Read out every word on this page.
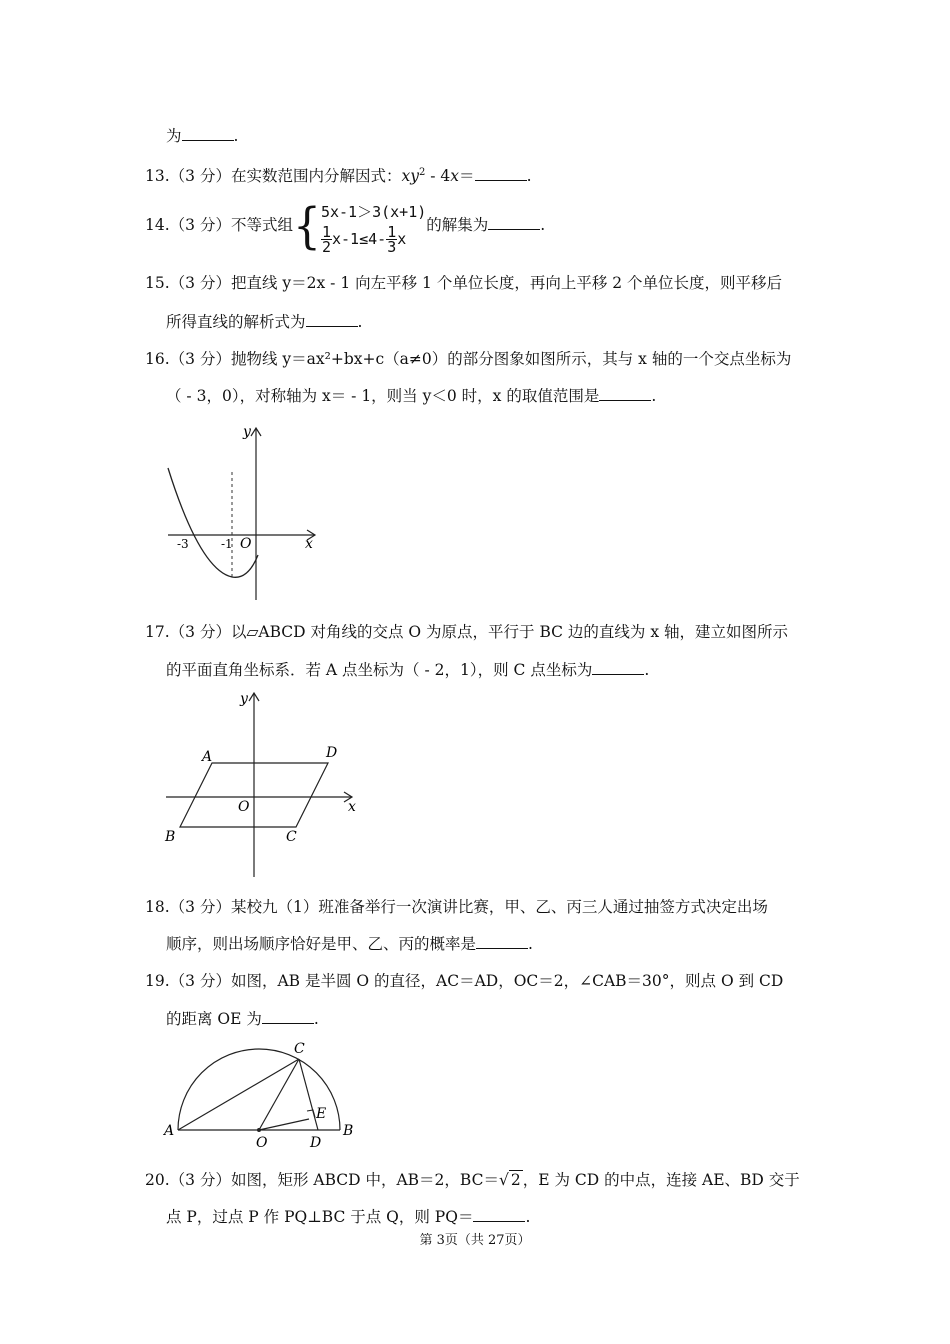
为	.
13.（3 分）在实数范围内分解因式：$xy^2 - 4x=$	.
14.（3 分）不等式组{ 5x-1＞3(x+1)
$\frac{1}{2} x-1\le 4- \frac{1}{3}$ x
的解集为	.
15.（3 分）把直线 y＝2x - 1 向左平移 1 个单位长度，再向上平移 2 个单位长度，则平移后
所得直线的解析式为	.
16.（3 分）抛物线 y＝ax²+bx+c（a≠0）的部分图象如图所示，其与 x 轴的一个交点坐标为
（ - 3，0），对称轴为 x＝ - 1，则当 y＜0 时，x 的取值范围是	.
x
y
O
-3	-1
17.（3 分）以▱ABCD 对角线的交点 O 为原点，平行于 BC 边的直线为 x 轴，建立如图所示
的平面直角坐标系．若 A 点坐标为（ - 2，1），则 C 点坐标为	.
y
x
O
A	D
B	C
18.（3 分）某校九（1）班准备举行一次演讲比赛，甲、乙、丙三人通过抽签方式决定出场
顺序，则出场顺序恰好是甲、乙、丙的概率是	.
19.（3 分）如图，AB 是半圆 O 的直径，AC＝AD，OC＝2，∠CAB＝30°，则点 O 到 CD
的距离 OE 为	.
A	B
C
D
E
O
20.（3 分）如图，矩形 ABCD 中，AB＝2，BC＝√ 2 ，E 为 CD 的中点，连接 AE、BD 交于
点 P，过点 P 作 PQ⊥BC 于点 Q，则 PQ＝	.
第 3页（共 27页）
